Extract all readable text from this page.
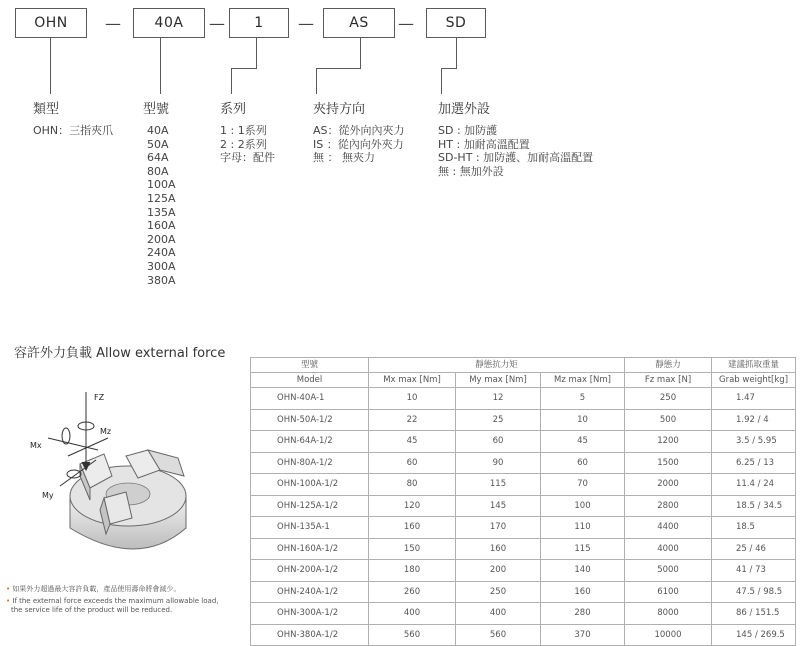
OHN	—	40A	—	1	—	AS	—	SD
類型	型號	系列	夾持方向	加選外設
OHN：三指夾爪	40A
50A
64A
80A
100A
125A
135A
160A
200A
240A
300A
380A
1 : 1系列
2 : 2系列
字母：配件
AS：從外向內夾力
IS ：從內向外夾力
無 ： 無夾力
SD : 加防護
HT : 加耐高溫配置
SD-HT : 加防護、加耐高溫配置
無 : 無加外設
容許外力負載 Allow external force
FZ
Mz
Mx
My
• 如果外力超過最大容許負載，產品使用壽命將會減少。
• If the external force exceeds the maximum allowable load,
the service life of the product will be reduced.
型號	靜態抗力矩			靜態力	建議抓取重量
Model	Mx max [Nm]	My max [Nm]	Mz max [Nm]	Fz max [N]	Grab weight[kg]
OHN-40A-1	10	12	5	250	1.47
OHN-50A-1/2	22	25	10	500	1.92 / 4
OHN-64A-1/2	45	60	45	1200	3.5 / 5.95
OHN-80A-1/2	60	90	60	1500	6.25 / 13
OHN-100A-1/2	80	115	70	2000	11.4 / 24
OHN-125A-1/2	120	145	100	2800	18.5 / 34.5
OHN-135A-1	160	170	110	4400	18.5
OHN-160A-1/2	150	160	115	4000	25 / 46
OHN-200A-1/2	180	200	140	5000	41 / 73
OHN-240A-1/2	260	250	160	6100	47.5 / 98.5
OHN-300A-1/2	400	400	280	8000	86 / 151.5
OHN-380A-1/2	560	560	370	10000	145 / 269.5
